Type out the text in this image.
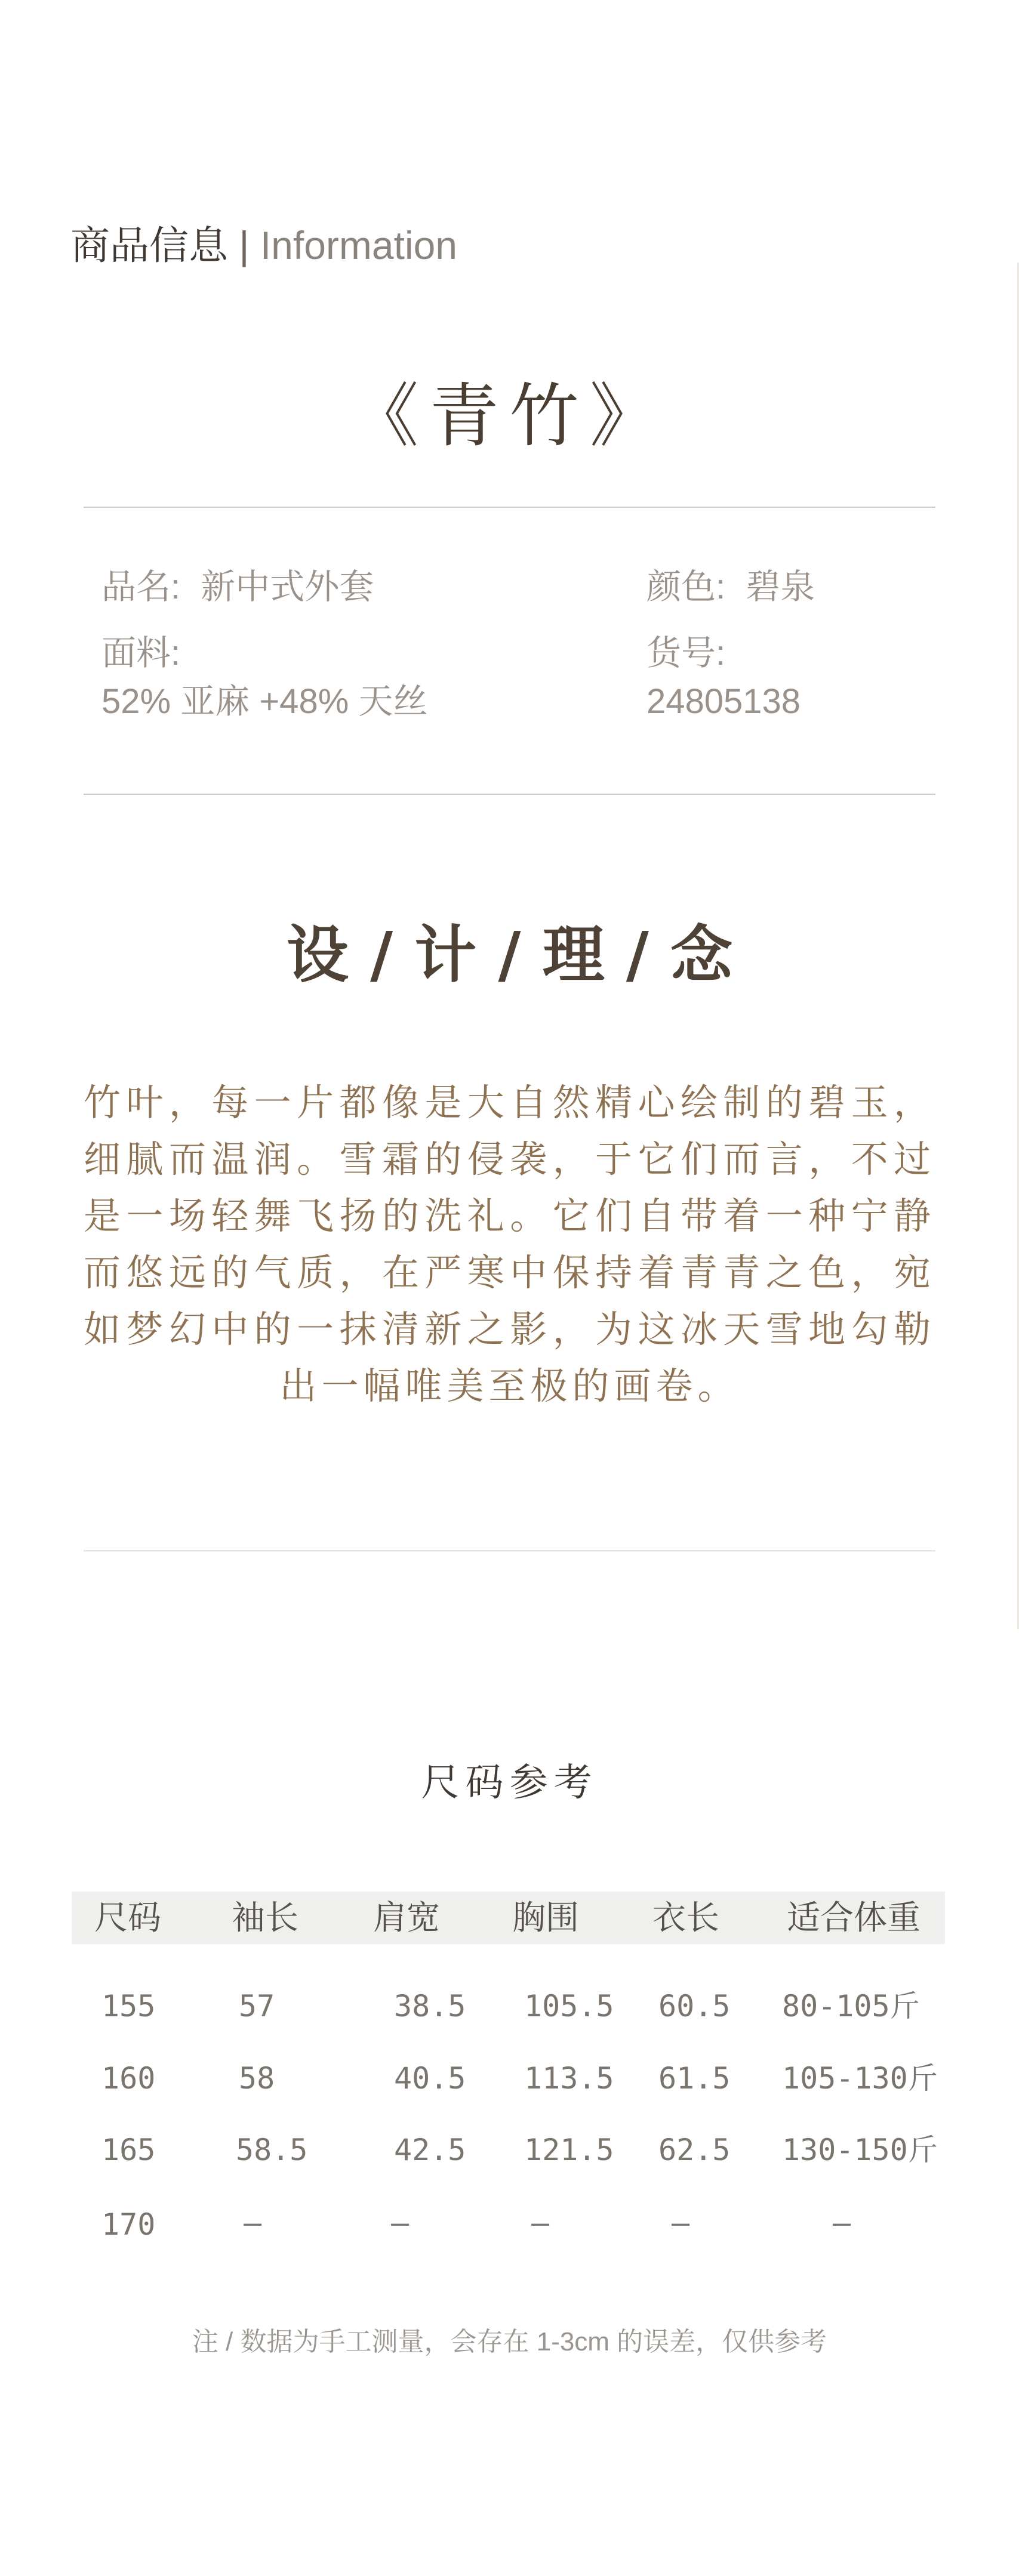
商品信息 | Information
《青竹》
品名: 新中式外套	颜色: 碧泉
面料:
52% 亚麻 +48% 天丝
货号:
24805138
设 / 计 / 理 / 念
竹叶，每一片都像是大自然精心绘制的碧玉，细腻而温润。雪霜的侵袭，于它们而言，不过是一场轻舞飞扬的洗礼。它们自带着一种宁静而悠远的气质，在严寒中保持着青青之色，宛如梦幻中的一抹清新之影，为这冰天雪地勾勒出一幅唯美至极的画卷。
尺码参考
尺码 袖长 肩宽 胸围 衣长 适合体重
155	57	38.5 105.5 60.5 80-105斤
160	58	40.5 113.5 61.5 105-130斤
165	58.5	42.5 121.5 62.5 130-150斤
170	—	—	—	—	—
注 / 数据为手工测量，会存在 1-3cm 的误差，仅供参考
